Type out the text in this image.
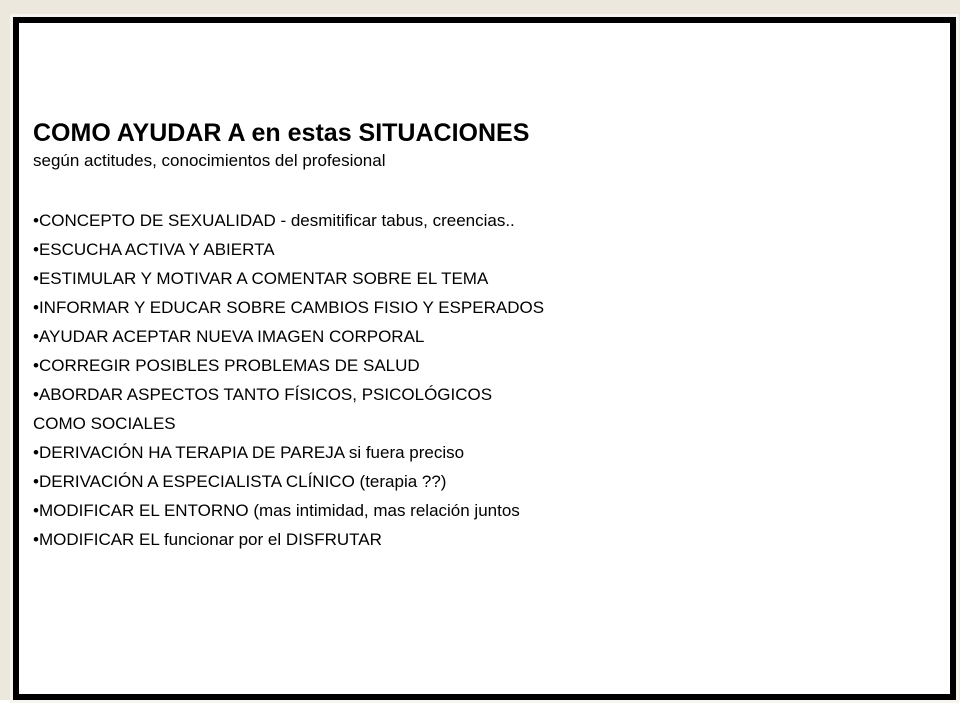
COMO AYUDAR A en estas SITUACIONES

según actitudes, conocimientos del profesional

•CONCEPTO DE SEXUALIDAD - desmitificar tabus, creencias..
•ESCUCHA ACTIVA Y ABIERTA
•ESTIMULAR Y MOTIVAR A COMENTAR SOBRE EL TEMA
•INFORMAR Y EDUCAR SOBRE CAMBIOS FISIO Y ESPERADOS
•AYUDAR ACEPTAR NUEVA IMAGEN CORPORAL
•CORREGIR POSIBLES PROBLEMAS DE SALUD
•ABORDAR ASPECTOS TANTO FÍSICOS, PSICOLÓGICOS
COMO SOCIALES
•DERIVACIÓN HA TERAPIA DE PAREJA si fuera preciso
•DERIVACIÓN A ESPECIALISTA CLÍNICO (terapia ??)
•MODIFICAR EL ENTORNO (mas intimidad, mas relación juntos
•MODIFICAR EL funcionar por el DISFRUTAR
